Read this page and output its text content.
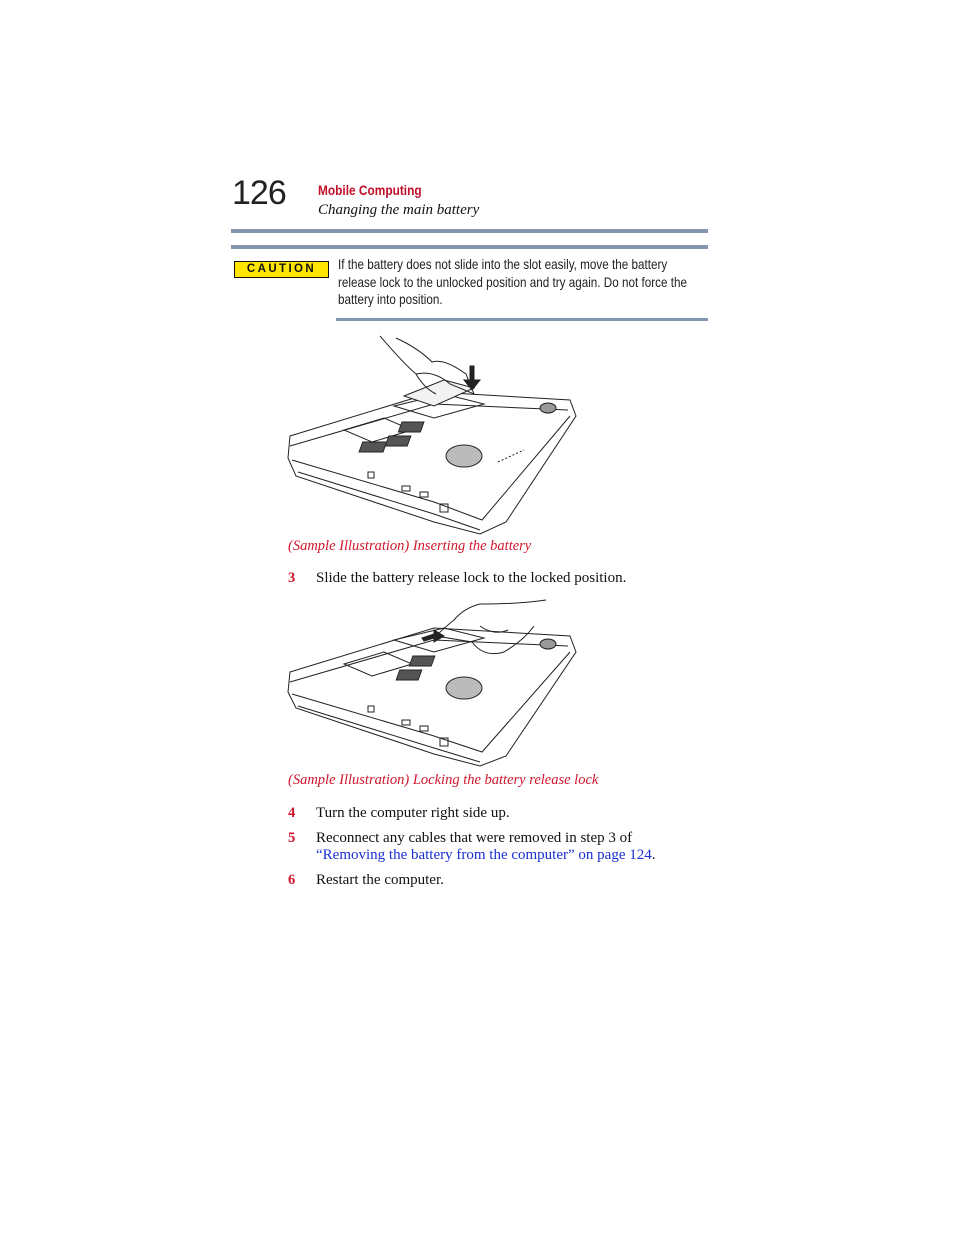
126 Mobile Computing
Changing the main battery
CAUTION	If the battery does not slide into the slot easily, move the battery
release lock to the unlocked position and try again. Do not force the
battery into position.
(Sample Illustration) Inserting the battery
3 Slide the battery release lock to the locked position.
(Sample Illustration) Locking the battery release lock
4 Turn the computer right side up.
5 Reconnect any cables that were removed in step 3 of
“Removing the battery from the computer” on page 124.
6 Restart the computer.
